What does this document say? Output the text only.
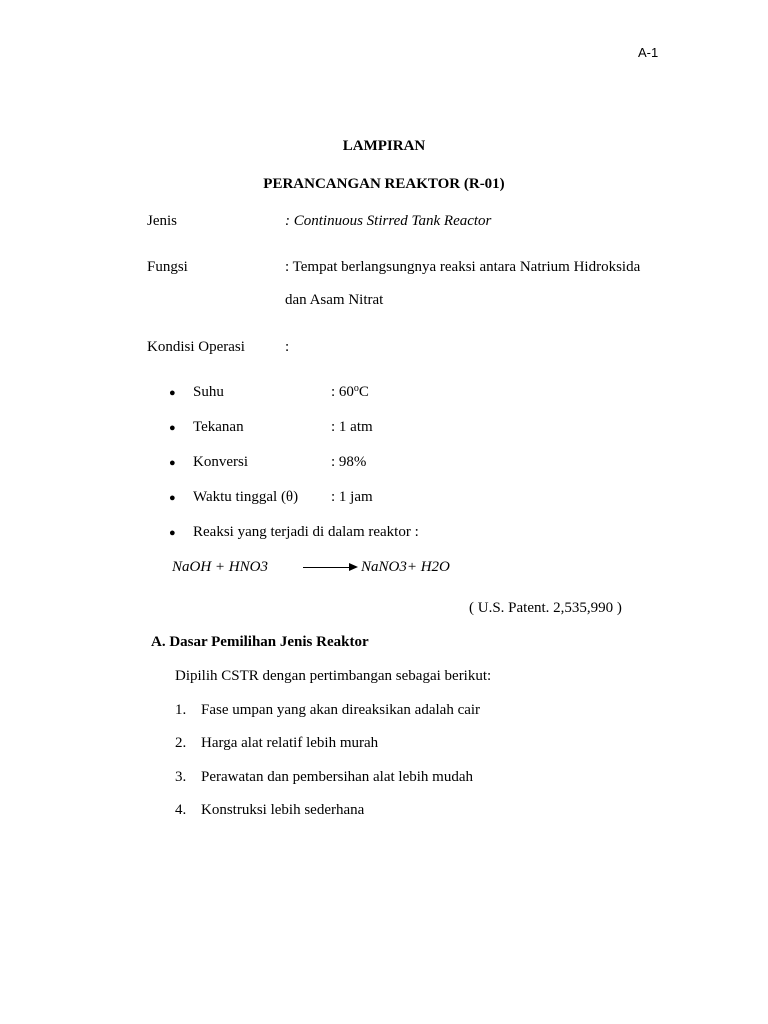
A-1
LAMPIRAN
PERANCANGAN REAKTOR (R-01)
Jenis	: Continuous Stirred Tank Reactor
Fungsi	: Tempat berlangsungnya reaksi antara Natrium Hidroksida
dan Asam Nitrat
Kondisi Operasi	:
● Suhu	: 60$^o$C
● Tekanan	: 1 atm
● Konversi	: 98%
● Waktu tinggal (θ) : 1 jam
● Reaksi yang terjadi di dalam reaktor :
NaOH + HNO3	NaNO3+ H2O
( U.S. Patent. 2,535,990 )
A. Dasar Pemilihan Jenis Reaktor
Dipilih CSTR dengan pertimbangan sebagai berikut:
1. Fase umpan yang akan direaksikan adalah cair
2. Harga alat relatif lebih murah
3. Perawatan dan pembersihan alat lebih mudah
4. Konstruksi lebih sederhana
